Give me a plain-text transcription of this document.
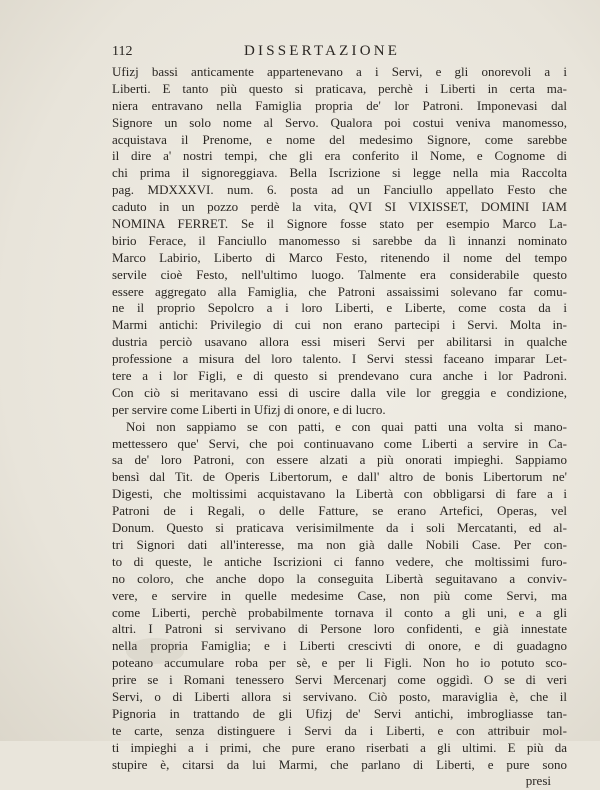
112	DISSERTAZIONE
Ufizj bassi anticamente appartenevano a i Servi, e gli onorevoli a i
Liberti. E tanto più questo si praticava, perchè i Liberti in certa ma-
niera entravano nella Famiglia propria de' lor Patroni. Imponevasi dal
Signore un solo nome al Servo. Qualora poi costui veniva manomesso,
acquistava il Prenome, e nome del medesimo Signore, come sarebbe
il dire a' nostri tempi, che gli era conferito il Nome, e Cognome di
chi prima il signoreggiava. Bella Iscrizione si legge nella mia Raccolta
pag. MDXXXVI. num. 6. posta ad un Fanciullo appellato Festo che
caduto in un pozzo perdè la vita, QVI SI VIXISSET, DOMINI IAM
NOMINA FERRET. Se il Signore fosse stato per esempio Marco La-
birio Ferace, il Fanciullo manomesso si sarebbe da lì innanzi nominato
Marco Labirio, Liberto di Marco Festo, ritenendo il nome del tempo
servile cioè Festo, nell'ultimo luogo. Talmente era considerabile questo
essere aggregato alla Famiglia, che Patroni assaissimi solevano far comu-
ne il proprio Sepolcro a i loro Liberti, e Liberte, come costa da i
Marmi antichi: Privilegio di cui non erano partecipi i Servi. Molta in-
dustria perciò usavano allora essi miseri Servi per abilitarsi in qualche
professione a misura del loro talento. I Servi stessi faceano imparar Let-
tere a i lor Figli, e di questo si prendevano cura anche i lor Padroni.
Con ciò si meritavano essi di uscire dalla vile lor greggia e condizione,
per servire come Liberti in Ufizj di onore, e di lucro.
Noi non sappiamo se con patti, e con quai patti una volta si mano-
mettessero que' Servi, che poi continuavano come Liberti a servire in Ca-
sa de' loro Patroni, con essere alzati a più onorati impieghi. Sappiamo
bensì dal Tit. de Operis Libertorum, e dall' altro de bonis Libertorum ne'
Digesti, che moltissimi acquistavano la Libertà con obbligarsi di fare a i
Patroni de i Regali, o delle Fatture, se erano Artefici, Operas, vel
Donum. Questo si praticava verisimilmente da i soli Mercatanti, ed al-
tri Signori dati all'interesse, ma non già dalle Nobili Case. Per con-
to di queste, le antiche Iscrizioni ci fanno vedere, che moltissimi furo-
no coloro, che anche dopo la conseguita Libertà seguitavano a conviv-
vere, e servire in quelle medesime Case, non più come Servi, ma
come Liberti, perchè probabilmente tornava il conto a gli uni, e a gli
altri. I Patroni si servivano di Persone loro confidenti, e già innestate
nella propria Famiglia; e i Liberti crescivti di onore, e di guadagno
poteano accumulare roba per sè, e per li Figli. Non ho io potuto sco-
prire se i Romani tenessero Servi Mercenarj come oggidì. O se di veri
Servi, o di Liberti allora si servivano. Ciò posto, maraviglia è, che il
Pignoria in trattando de gli Ufizj de' Servi antichi, imbrogliasse tan-
te carte, senza distinguere i Servi da i Liberti, e con attribuir mol-
ti impieghi a i primi, che pure erano riserbati a gli ultimi. E più da
stupire è, citarsi da lui Marmi, che parlano di Liberti, e pure sono
presi
